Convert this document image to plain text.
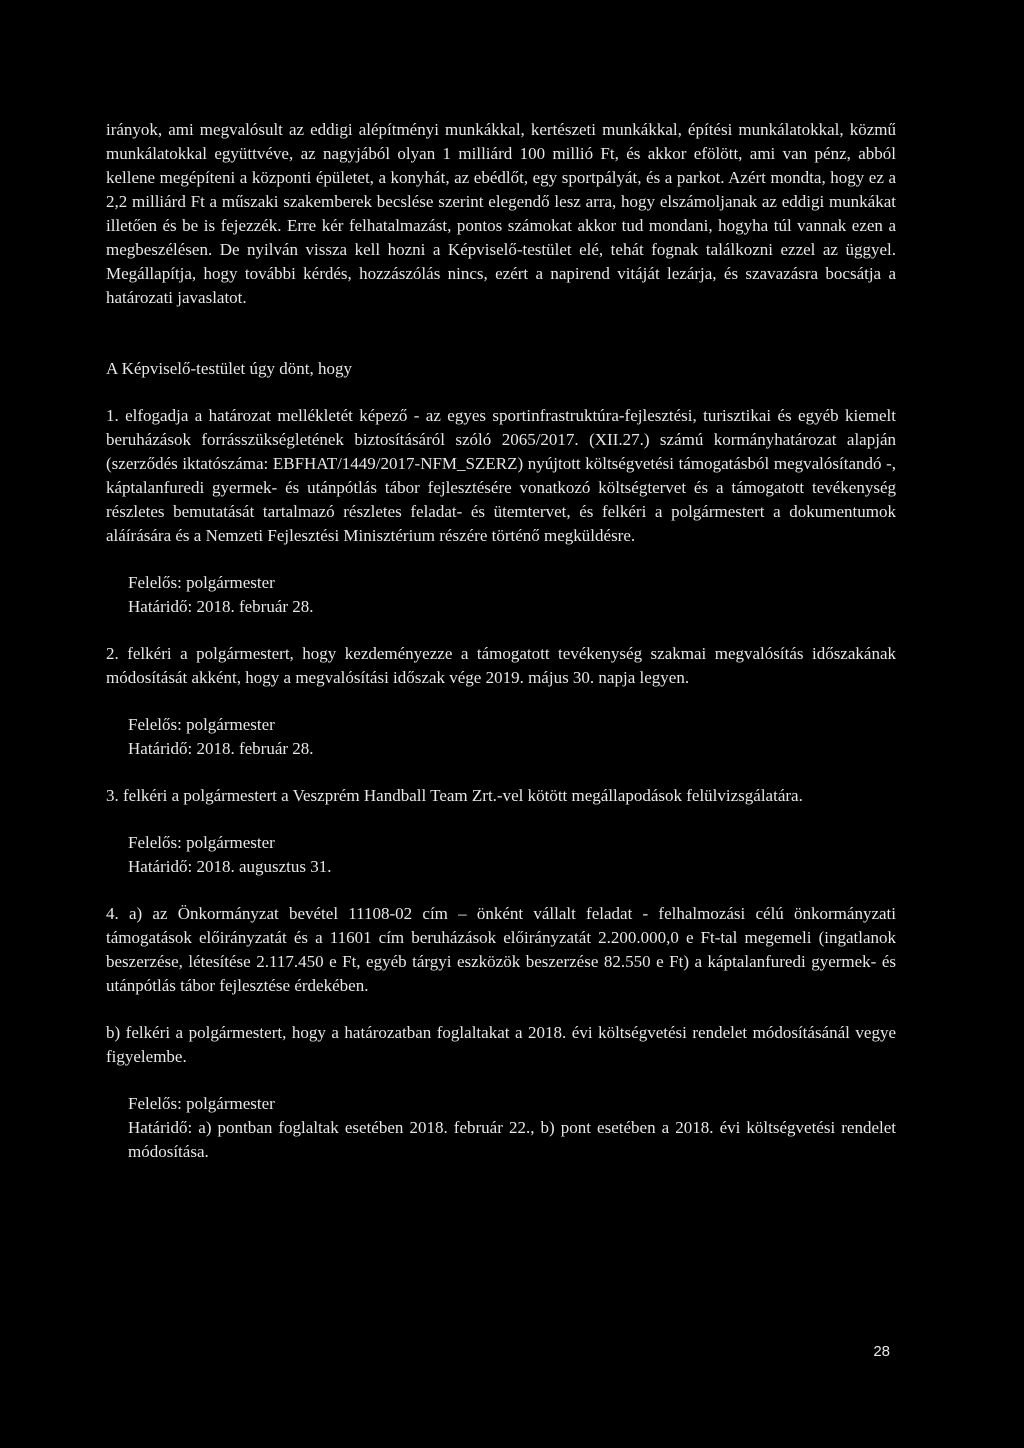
irányok, ami megvalósult az eddigi alépítményi munkákkal, kertészeti munkákkal, építési munkálatokkal, közmű munkálatokkal együttvéve, az nagyjából olyan 1 milliárd 100 millió Ft, és akkor efölött, ami van pénz, abból kellene megépíteni a központi épületet, a konyhát, az ebédlőt, egy sportpályát, és a parkot. Azért mondta, hogy ez a 2,2 milliárd Ft a műszaki szakemberek becslése szerint elegendő lesz arra, hogy elszámoljanak az eddigi munkákat illetően és be is fejezzék. Erre kér felhatalmazást, pontos számokat akkor tud mondani, hogyha túl vannak ezen a megbeszélésen. De nyilván vissza kell hozni a Képviselő-testület elé, tehát fognak találkozni ezzel az üggyel. Megállapítja, hogy további kérdés, hozzászólás nincs, ezért a napirend vitáját lezárja, és szavazásra bocsátja a határozati javaslatot.

A Képviselő-testület úgy dönt, hogy

1. elfogadja a határozat mellékletét képező - az egyes sportinfrastruktúra-fejlesztési, turisztikai és egyéb kiemelt beruházások forrásszükségletének biztosításáról szóló 2065/2017. (XII.27.) számú kormányhatározat alapján (szerződés iktatószáma: EBFHAT/1449/2017-NFM_SZERZ) nyújtott költségvetési támogatásból megvalósítandó -, káptalanfuredi gyermek- és utánpótlás tábor fejlesztésére vonatkozó költségtervet és a támogatott tevékenység részletes bemutatását tartalmazó részletes feladat- és ütemtervet, és felkéri a polgármestert a dokumentumok aláírására és a Nemzeti Fejlesztési Minisztérium részére történő megküldésre.

Felelős: polgármester
Határidő: 2018. február 28.

2. felkéri a polgármestert, hogy kezdeményezze a támogatott tevékenység szakmai megvalósítás időszakának módosítását akként, hogy a megvalósítási időszak vége 2019. május 30. napja legyen.

Felelős: polgármester
Határidő: 2018. február 28.

3. felkéri a polgármestert a Veszprém Handball Team Zrt.-vel kötött megállapodások felülvizsgálatára.

Felelős: polgármester
Határidő: 2018. augusztus 31.

4. a) az Önkormányzat bevétel 11108-02 cím – önként vállalt feladat - felhalmozási célú önkormányzati támogatások előirányzatát és a 11601 cím beruházások előirányzatát 2.200.000,0 e Ft-tal megemeli (ingatlanok beszerzése, létesítése 2.117.450 e Ft, egyéb tárgyi eszközök beszerzése 82.550 e Ft) a káptalanfuredi gyermek- és utánpótlás tábor fejlesztése érdekében.

b) felkéri a polgármestert, hogy a határozatban foglaltakat a 2018. évi költségvetési rendelet módosításánál vegye figyelembe.

Felelős: polgármester
Határidő: a) pontban foglaltak esetében 2018. február 22., b) pont esetében a 2018. évi költségvetési rendelet módosítása.
28
